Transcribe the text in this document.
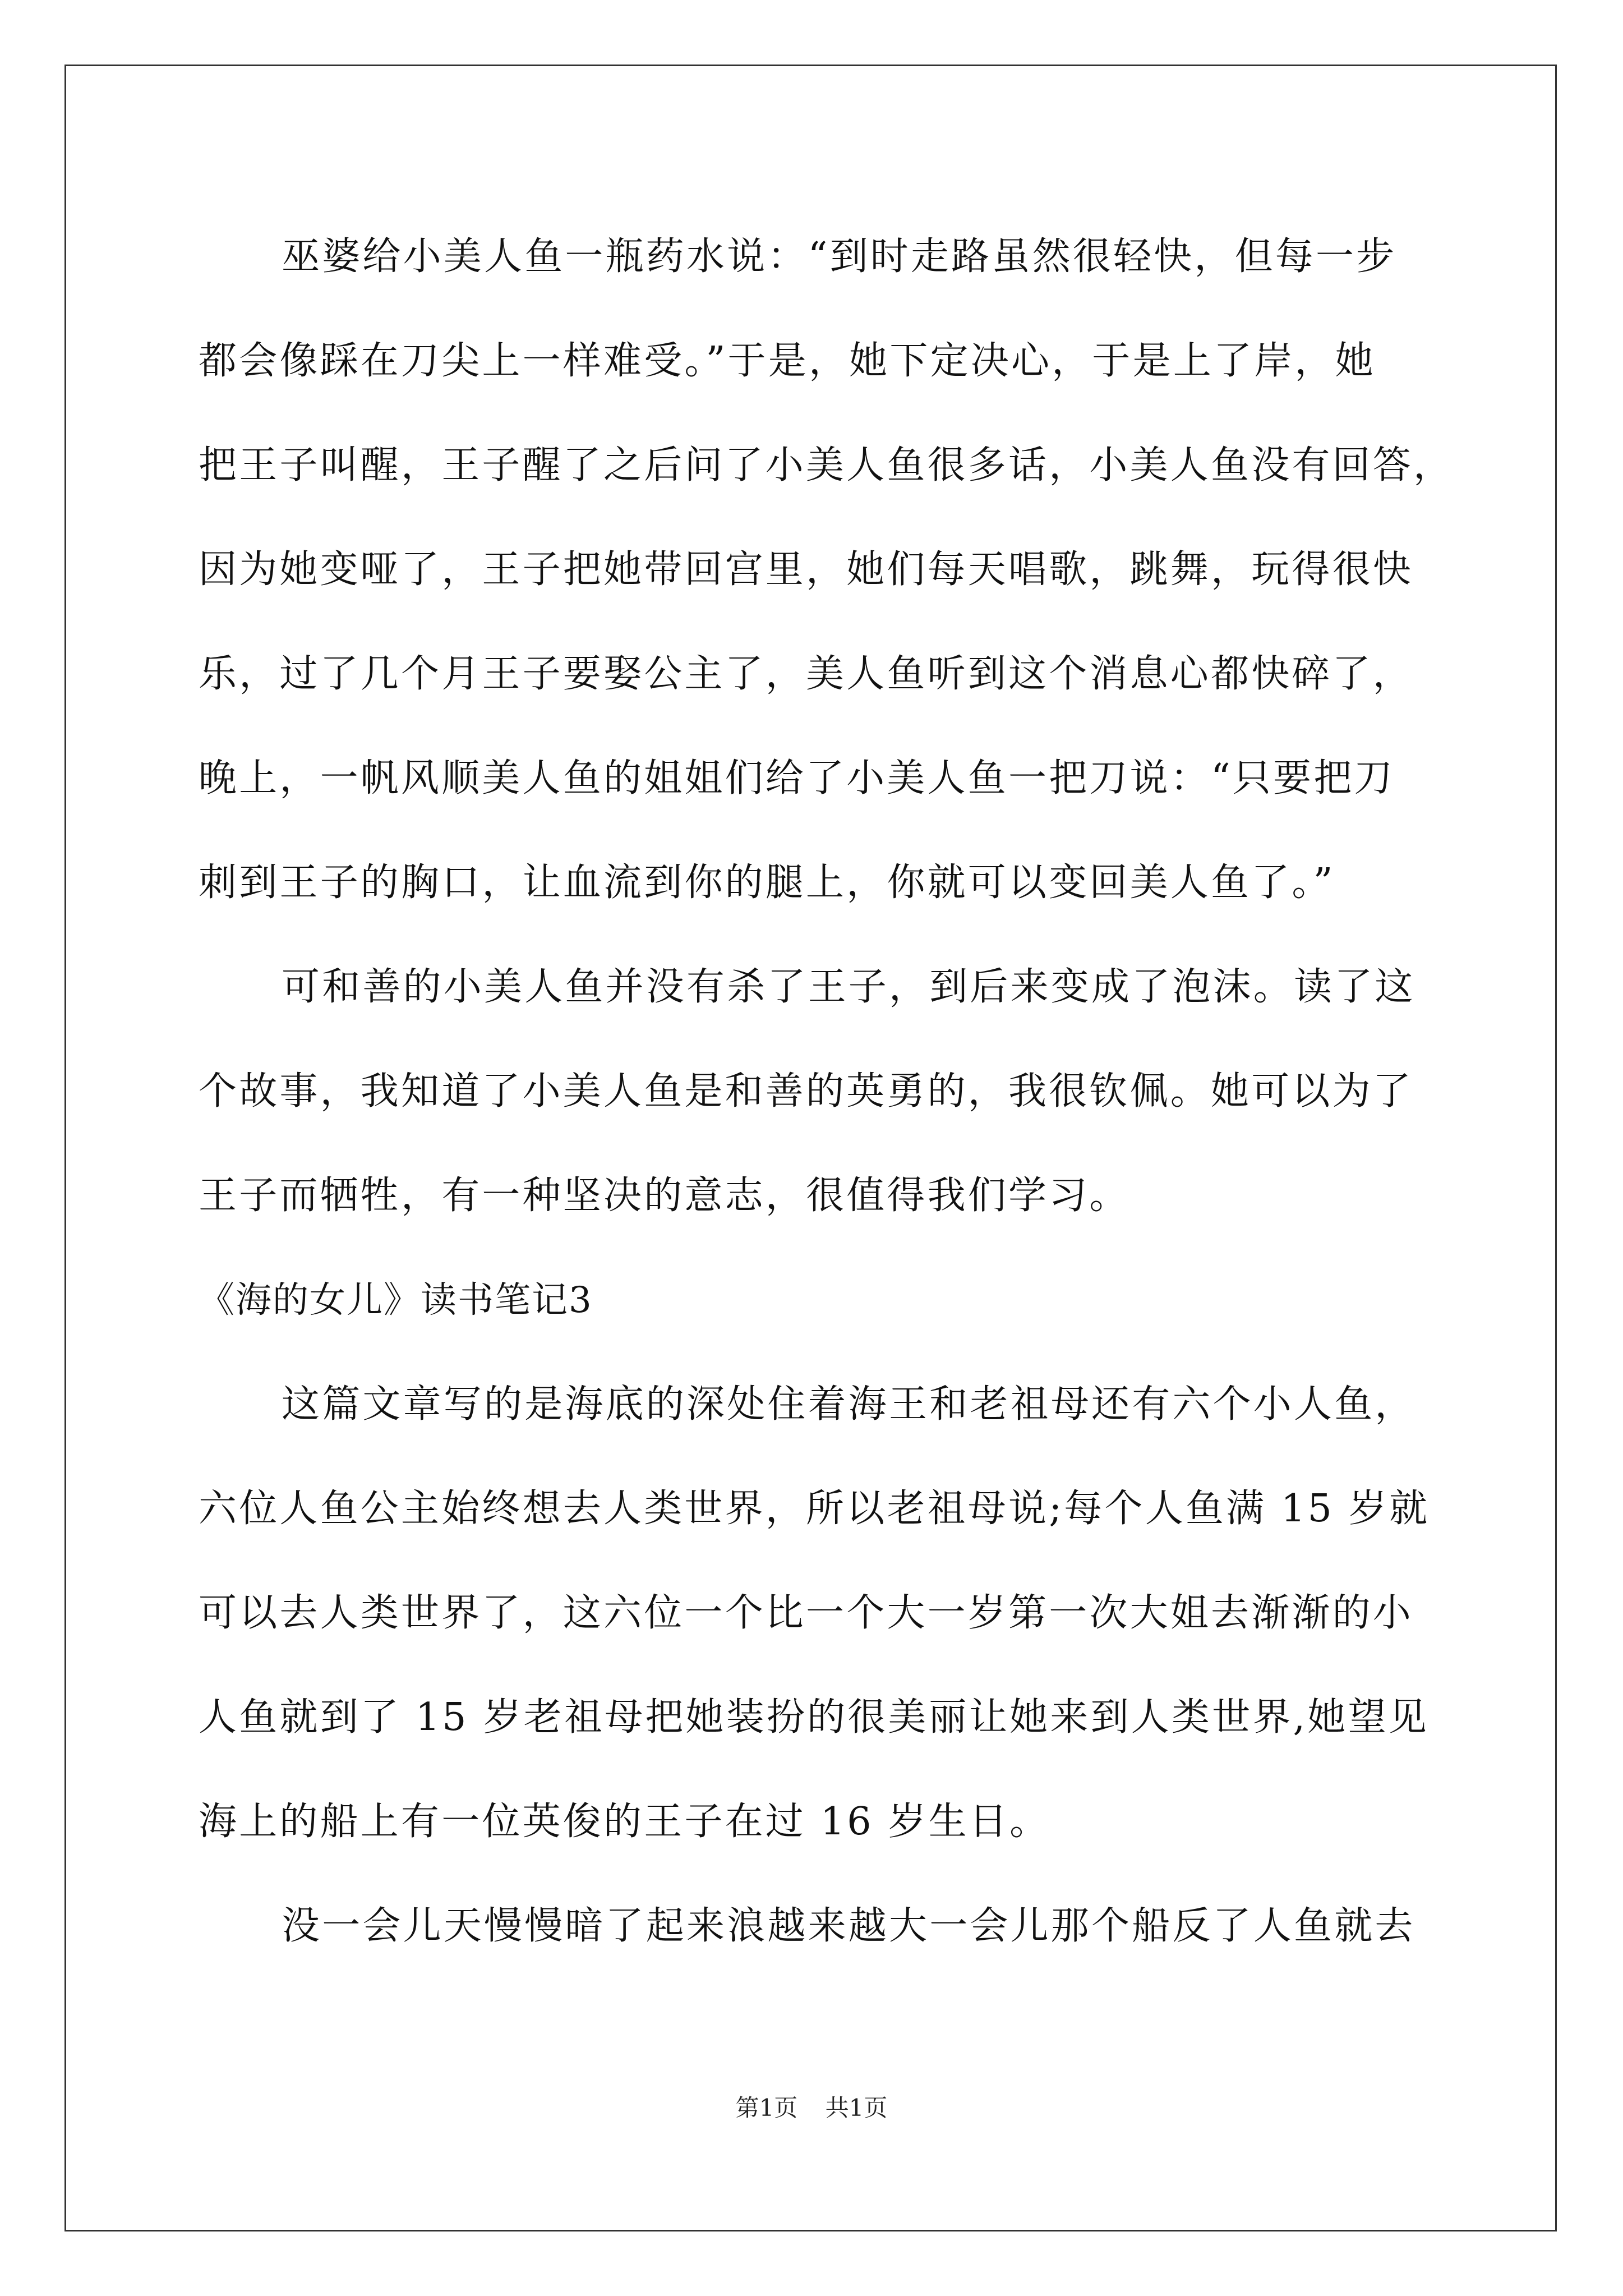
巫婆给小美人鱼一瓶药水说：“到时走路虽然很轻快，但每一步
都会像踩在刀尖上一样难受。”于是，她下定决心，于是上了岸，她
把王子叫醒，王子醒了之后问了小美人鱼很多话，小美人鱼没有回答，
因为她变哑了，王子把她带回宫里，她们每天唱歌，跳舞，玩得很快
乐，过了几个月王子要娶公主了，美人鱼听到这个消息心都快碎了，
晚上，一帆风顺美人鱼的姐姐们给了小美人鱼一把刀说：“只要把刀
刺到王子的胸口，让血流到你的腿上，你就可以变回美人鱼了。”
可和善的小美人鱼并没有杀了王子，到后来变成了泡沫。读了这
个故事，我知道了小美人鱼是和善的英勇的，我很钦佩。她可以为了
王子而牺牲，有一种坚决的意志，很值得我们学习。
《海的女儿》读书笔记3
这篇文章写的是海底的深处住着海王和老祖母还有六个小人鱼，
六位人鱼公主始终想去人类世界，所以老祖母说;每个人鱼满 15 岁就
可以去人类世界了，这六位一个比一个大一岁第一次大姐去渐渐的小
人鱼就到了 15 岁老祖母把她装扮的很美丽让她来到人类世界,她望见
海上的船上有一位英俊的王子在过 16 岁生日。
没一会儿天慢慢暗了起来浪越来越大一会儿那个船反了人鱼就去
第1页 共1页
